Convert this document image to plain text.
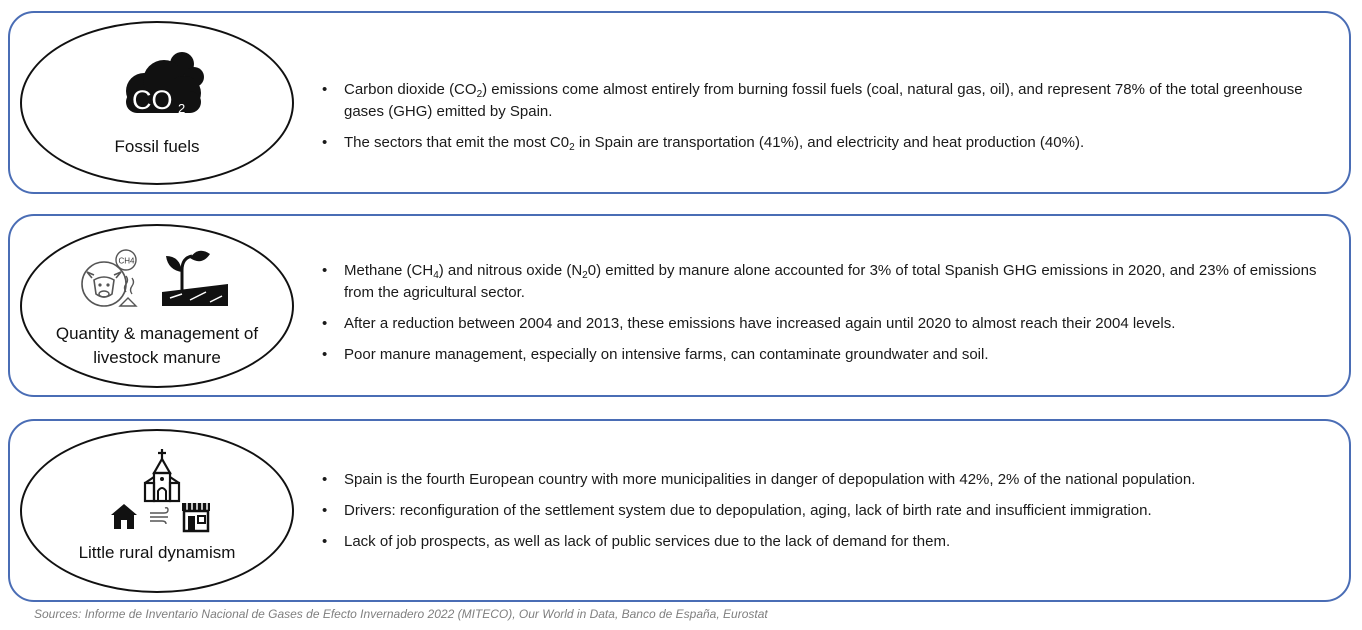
CO 2
Fossil fuels
• Carbon dioxide $(CO_2)$ emissions come almost entirely from burning fossil fuels (coal, natural gas, oil), and represent 78% of the total greenhouse gases (GHG) emitted by Spain.
• The sectors that emit the most $C0_2$ in Spain are transportation (41%), and electricity and heat production (40%).
CH4
Quantity & management of livestock manure
• Methane $(CH_4)$ and nitrous oxide $(N_20)$ emitted by manure alone accounted for 3% of total Spanish GHG emissions in 2020, and 23% of emissions from the agricultural sector.
• After a reduction between 2004 and 2013, these emissions have increased again until 2020 to almost reach their 2004 levels.
• Poor manure management, especially on intensive farms, can contaminate groundwater and soil.
Little rural dynamism
• Spain is the fourth European country with more municipalities in danger of depopulation with 42%, 2% of the national population.
• Drivers: reconfiguration of the settlement system due to depopulation, aging, lack of birth rate and insufficient immigration.
• Lack of job prospects, as well as lack of public services due to the lack of demand for them.
Sources: Informe de Inventario Nacional de Gases de Efecto Invernadero 2022 (MITECO), Our World in Data, Banco de España, Eurostat
